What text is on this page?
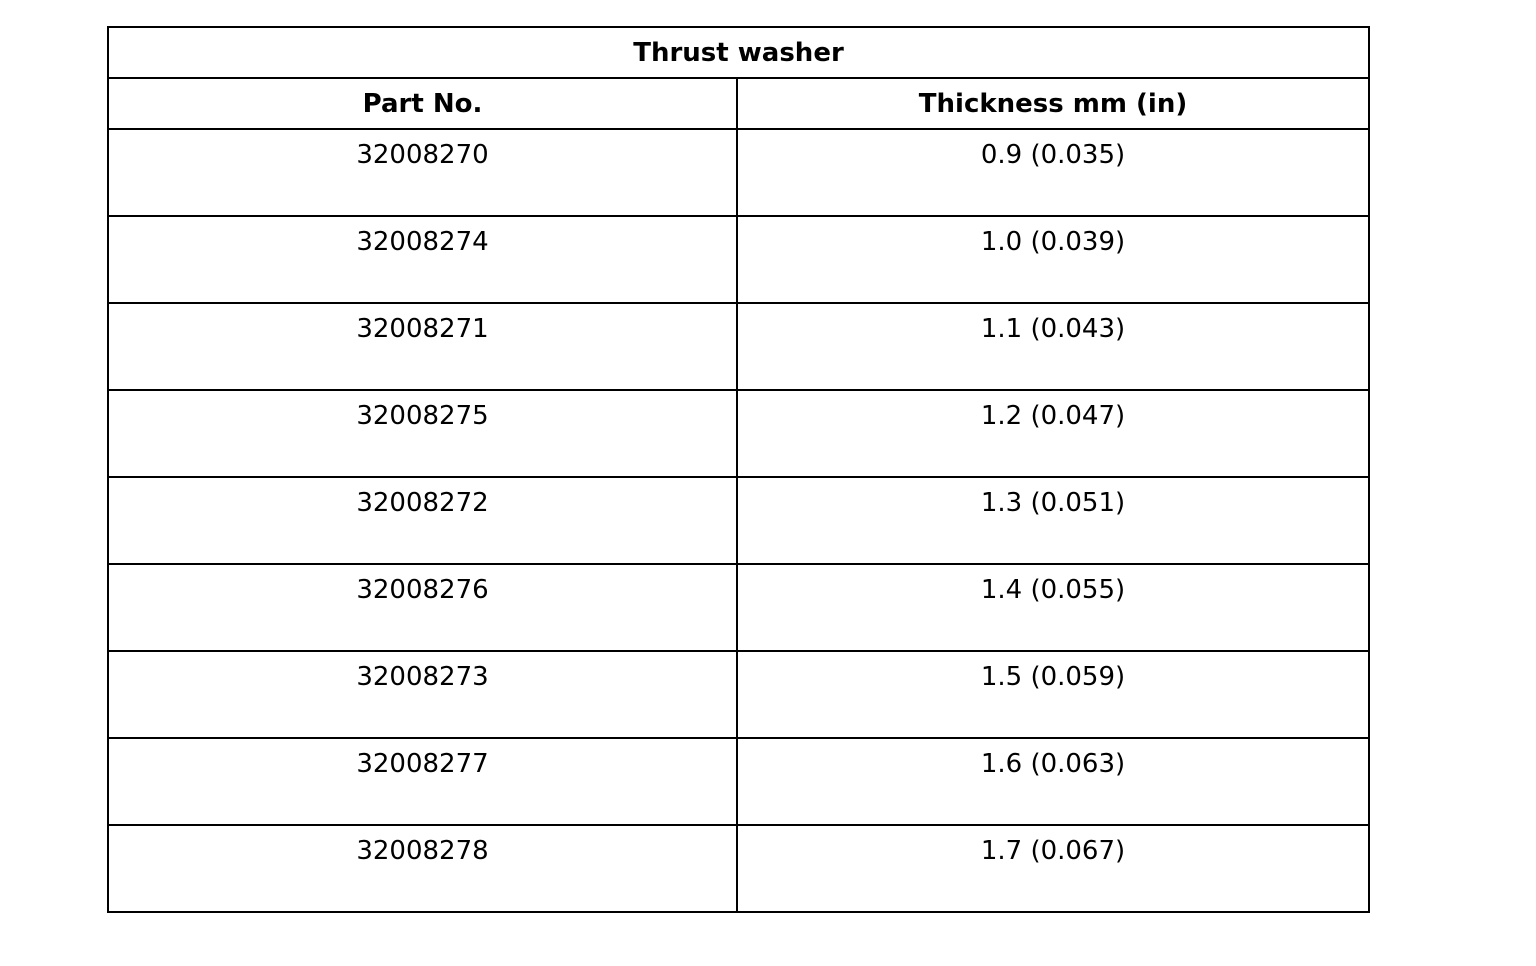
Thrust washer	
Part No.	Thickness mm (in)
32008270	0.9 (0.035)
32008274	1.0 (0.039)
32008271	1.1 (0.043)
32008275	1.2 (0.047)
32008272	1.3 (0.051)
32008276	1.4 (0.055)
32008273	1.5 (0.059)
32008277	1.6 (0.063)
32008278	1.7 (0.067)
